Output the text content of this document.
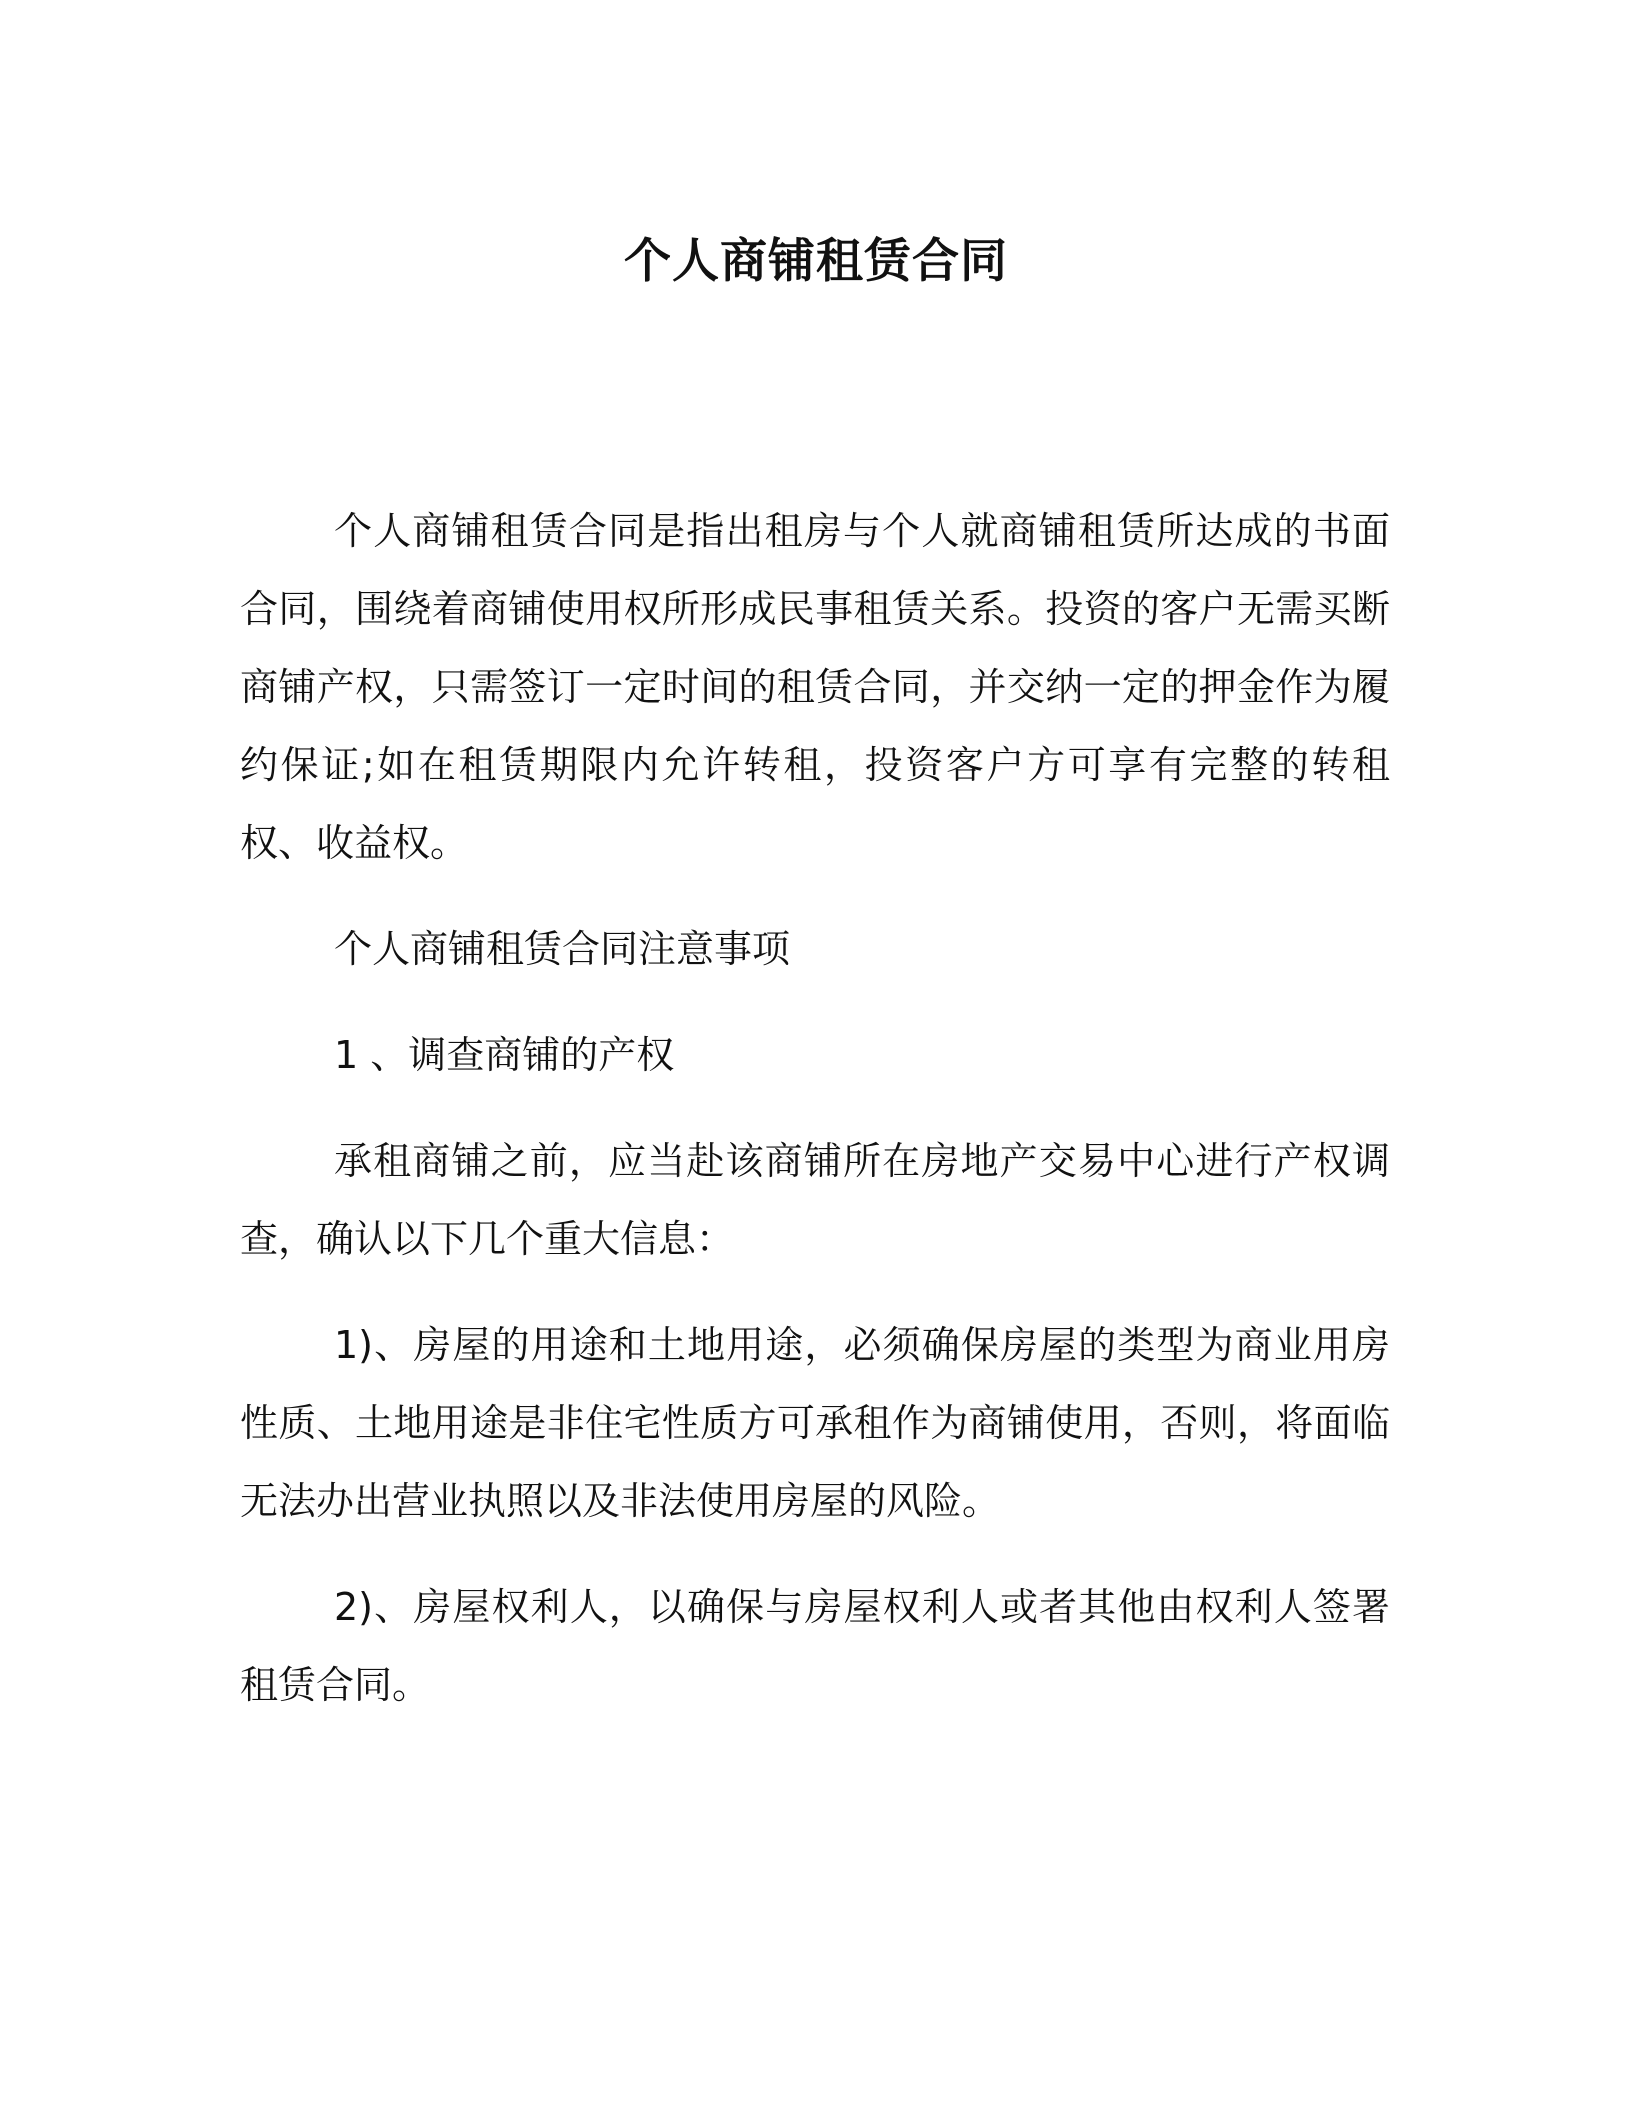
个人商铺租赁合同

个人商铺租赁合同是指出租房与个人就商铺租赁所达成的书面合同，围绕着商铺使用权所形成民事租赁关系。投资的客户无需买断商铺产权，只需签订一定时间的租赁合同，并交纳一定的押金作为履约保证;如在租赁期限内允许转租，投资客户方可享有完整的转租权、收益权。

个人商铺租赁合同注意事项

1 、调查商铺的产权

承租商铺之前，应当赴该商铺所在房地产交易中心进行产权调查，确认以下几个重大信息：

1)、房屋的用途和土地用途，必须确保房屋的类型为商业用房性质、土地用途是非住宅性质方可承租作为商铺使用，否则，将面临无法办出营业执照以及非法使用房屋的风险。

2)、房屋权利人，以确保与房屋权利人或者其他由权利人签署租赁合同。
